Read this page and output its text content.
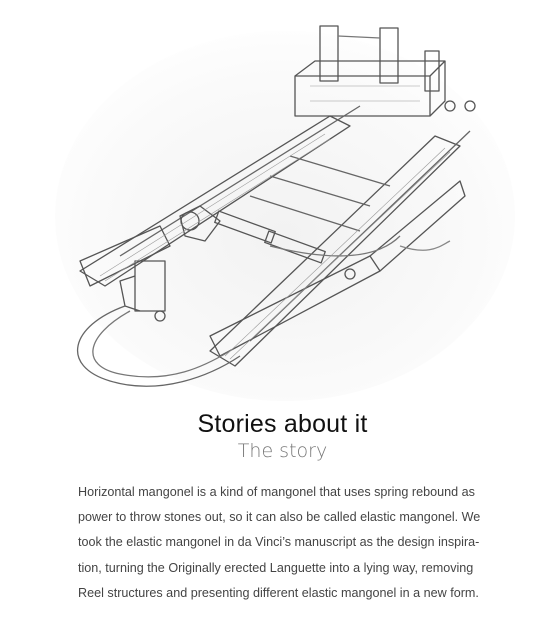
Stories about it
The story

Horizontal mangonel is a kind of mangonel that uses spring rebound as
power to throw stones out, so it can also be called elastic mangonel. We
took the elastic mangonel in da Vinci’s manuscript as the design inspira-
tion, turning the Originally erected Languette into a lying way, removing
Reel structures and presenting different elastic mangonel in a new form.
